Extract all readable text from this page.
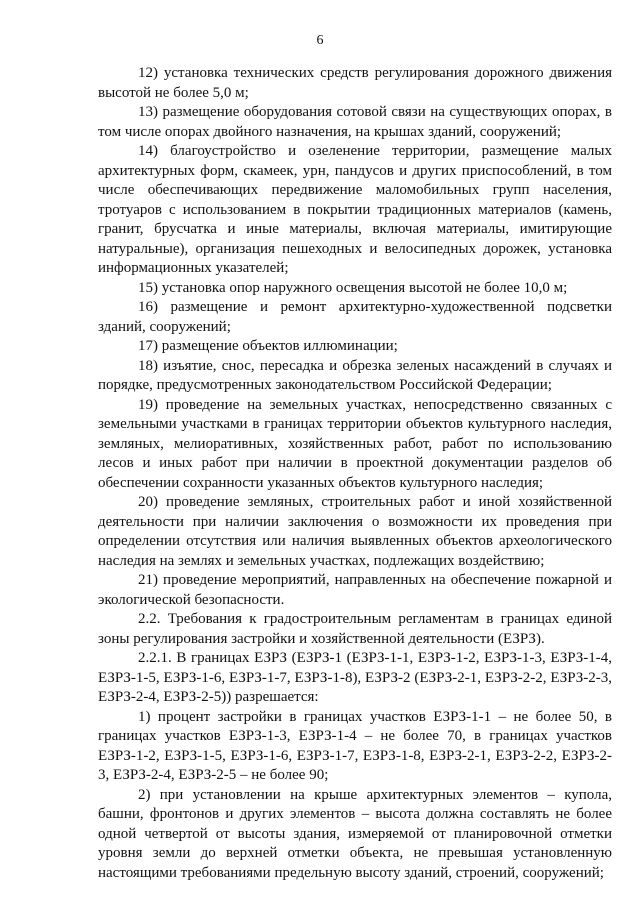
6

12) установка технических средств регулирования дорожного движения высотой не более 5,0 м;

13) размещение оборудования сотовой связи на существующих опорах, в том числе опорах двойного назначения, на крышах зданий, сооружений;

14) благоустройство и озеленение территории, размещение малых архитектурных форм, скамеек, урн, пандусов и других приспособлений, в том числе обеспечивающих передвижение маломобильных групп населения, тротуаров с использованием в покрытии традиционных материалов (камень, гранит, брусчатка и иные материалы, включая материалы, имитирующие натуральные), организация пешеходных и велосипедных дорожек, установка информационных указателей;

15) установка опор наружного освещения высотой не более 10,0 м;

16) размещение и ремонт архитектурно-художественной подсветки зданий, сооружений;

17) размещение объектов иллюминации;

18) изъятие, снос, пересадка и обрезка зеленых насаждений в случаях и порядке, предусмотренных законодательством Российской Федерации;

19) проведение на земельных участках, непосредственно связанных с земельными участками в границах территории объектов культурного наследия, земляных, мелиоративных, хозяйственных работ, работ по использованию лесов и иных работ при наличии в проектной документации разделов об обеспечении сохранности указанных объектов культурного наследия;

20) проведение земляных, строительных работ и иной хозяйственной деятельности при наличии заключения о возможности их проведения при определении отсутствия или наличия выявленных объектов археологического наследия на землях и земельных участках, подлежащих воздействию;

21) проведение мероприятий, направленных на обеспечение пожарной и экологической безопасности.

2.2. Требования к градостроительным регламентам в границах единой зоны регулирования застройки и хозяйственной деятельности (ЕЗРЗ).

2.2.1. В границах ЕЗРЗ (ЕЗРЗ-1 (ЕЗРЗ-1-1, ЕЗРЗ-1-2, ЕЗРЗ-1-3, ЕЗРЗ-1-4, ЕЗРЗ-1-5, ЕЗРЗ-1-6, ЕЗРЗ-1-7, ЕЗРЗ-1-8), ЕЗРЗ-2 (ЕЗРЗ-2-1, ЕЗРЗ-2-2, ЕЗРЗ-2-3, ЕЗРЗ-2-4, ЕЗРЗ-2-5)) разрешается:

1) процент застройки в границах участков ЕЗРЗ-1-1 – не более 50, в границах участков ЕЗРЗ-1-3, ЕЗРЗ-1-4 – не более 70, в границах участков ЕЗРЗ-1-2, ЕЗРЗ-1-5, ЕЗРЗ-1-6, ЕЗРЗ-1-7, ЕЗРЗ-1-8, ЕЗРЗ-2-1, ЕЗРЗ-2-2, ЕЗРЗ-2-3, ЕЗРЗ-2-4, ЕЗРЗ-2-5 – не более 90;

2) при установлении на крыше архитектурных элементов – купола, башни, фронтонов и других элементов – высота должна составлять не более одной четвертой от высоты здания, измеряемой от планировочной отметки уровня земли до верхней отметки объекта, не превышая установленную настоящими требованиями предельную высоту зданий, строений, сооружений;
